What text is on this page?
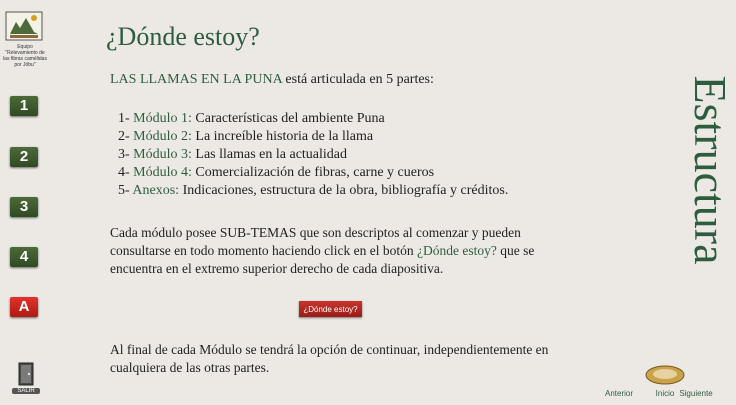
Equipo "Relevamiento de las fibras camélidas por Jóbu"
1
2
3
4
A
SALIR
¿Dónde estoy?
LAS LLAMAS EN LA PUNA está articulada en 5 partes:
1- Módulo 1: Características del ambiente Puna
2- Módulo 2: La increíble historia de la llama
3- Módulo 3: Las llamas en la actualidad
4- Módulo 4: Comercialización de fibras, carne y cueros
5- Anexos: Indicaciones, estructura de la obra, bibliografía y créditos.

Cada módulo posee SUB-TEMAS que son descriptos al comenzar y pueden consultarse en todo momento haciendo click en el botón ¿Dónde estoy? que se encuentra en el extremo superior derecho de cada diapositiva.

¿Dónde estoy?

Al final de cada Módulo se tendrá la opción de continuar, independientemente en cualquiera de las otras partes.

Estructura
Anterior	Inicio Siguiente
